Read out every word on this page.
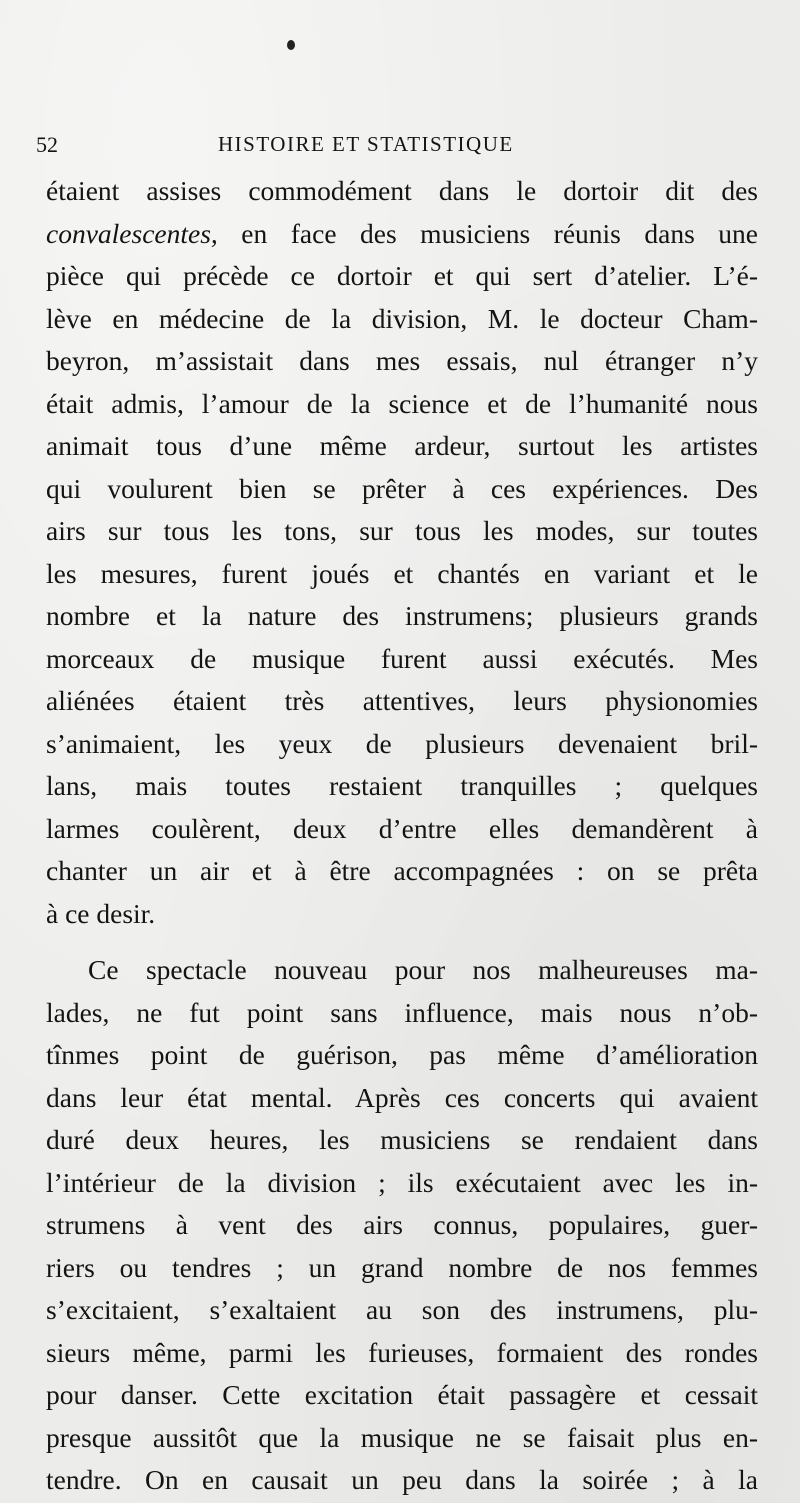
52	HISTOIRE ET STATISTIQUE
étaient assises commodément dans le dortoir dit des
convalescentes, en face des musiciens réunis dans une
pièce qui précède ce dortoir et qui sert d’atelier. L’é-
lève en médecine de la division, M. le docteur Cham-
beyron, m’assistait dans mes essais, nul étranger n’y
était admis, l’amour de la science et de l’humanité nous
animait tous d’une même ardeur, surtout les artistes
qui voulurent bien se prêter à ces expériences. Des
airs sur tous les tons, sur tous les modes, sur toutes
les mesures, furent joués et chantés en variant et le
nombre et la nature des instrumens; plusieurs grands
morceaux de musique furent aussi exécutés. Mes
aliénées étaient très attentives, leurs physionomies
s’animaient, les yeux de plusieurs devenaient bril-
lans, mais toutes restaient tranquilles ; quelques
larmes coulèrent, deux d’entre elles demandèrent à
chanter un air et à être accompagnées : on se prêta
à ce desir.
Ce spectacle nouveau pour nos malheureuses ma-
lades, ne fut point sans influence, mais nous n’ob-
tînmes point de guérison, pas même d’amélioration
dans leur état mental. Après ces concerts qui avaient
duré deux heures, les musiciens se rendaient dans
l’intérieur de la division ; ils exécutaient avec les in-
strumens à vent des airs connus, populaires, guer-
riers ou tendres ; un grand nombre de nos femmes
s’excitaient, s’exaltaient au son des instrumens, plu-
sieurs même, parmi les furieuses, formaient des rondes
pour danser. Cette excitation était passagère et cessait
presque aussitôt que la musique ne se faisait plus en-
tendre. On en causait un peu dans la soirée ; à la
